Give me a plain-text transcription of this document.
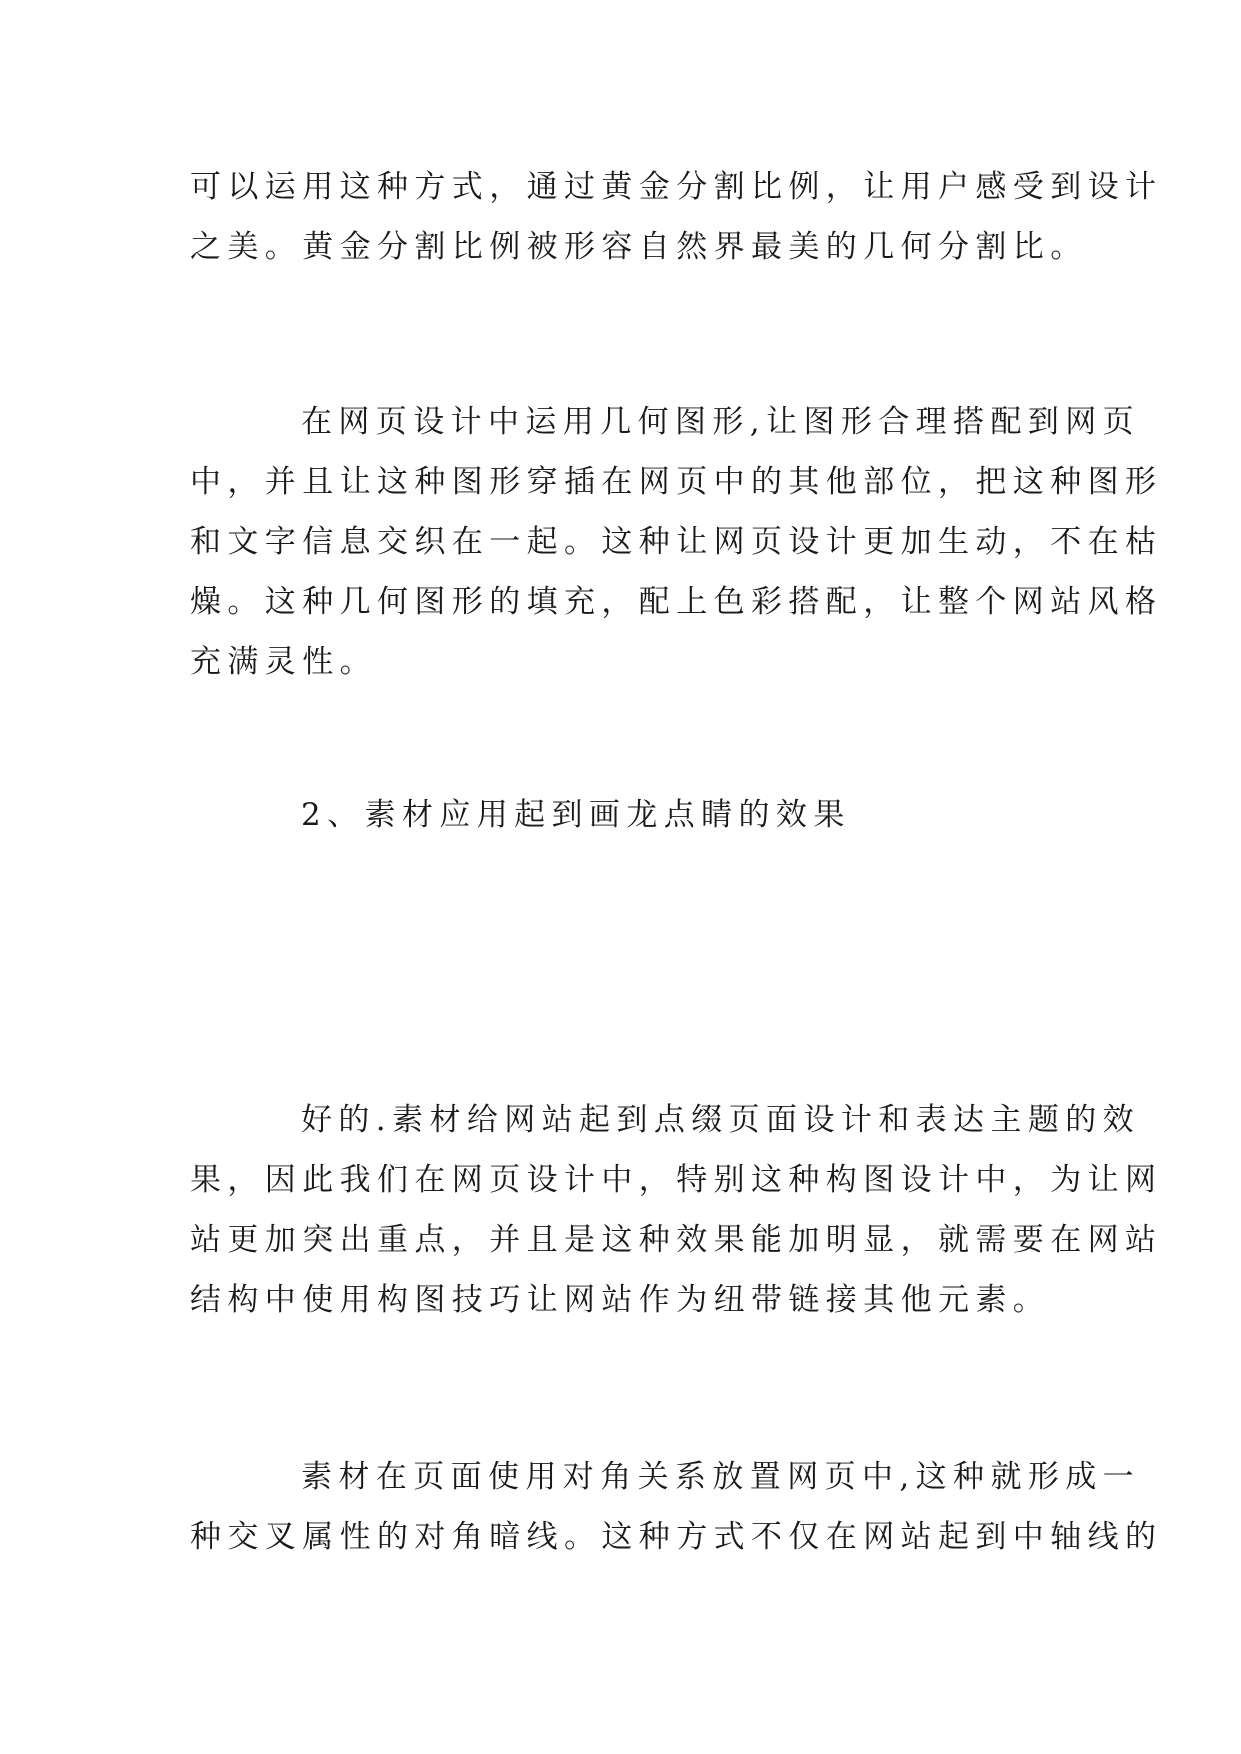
可以运用这种方式，通过黄金分割比例，让用户感受到设计
之美。黄金分割比例被形容自然界最美的几何分割比。
在网页设计中运用几何图形,让图形合理搭配到网页
中，并且让这种图形穿插在网页中的其他部位，把这种图形
和文字信息交织在一起。这种让网页设计更加生动，不在枯
燥。这种几何图形的填充，配上色彩搭配，让整个网站风格
充满灵性。
2、素材应用起到画龙点睛的效果
好的.素材给网站起到点缀页面设计和表达主题的效
果，因此我们在网页设计中，特别这种构图设计中，为让网
站更加突出重点，并且是这种效果能加明显，就需要在网站
结构中使用构图技巧让网站作为纽带链接其他元素。
素材在页面使用对角关系放置网页中,这种就形成一
种交叉属性的对角暗线。这种方式不仅在网站起到中轴线的
